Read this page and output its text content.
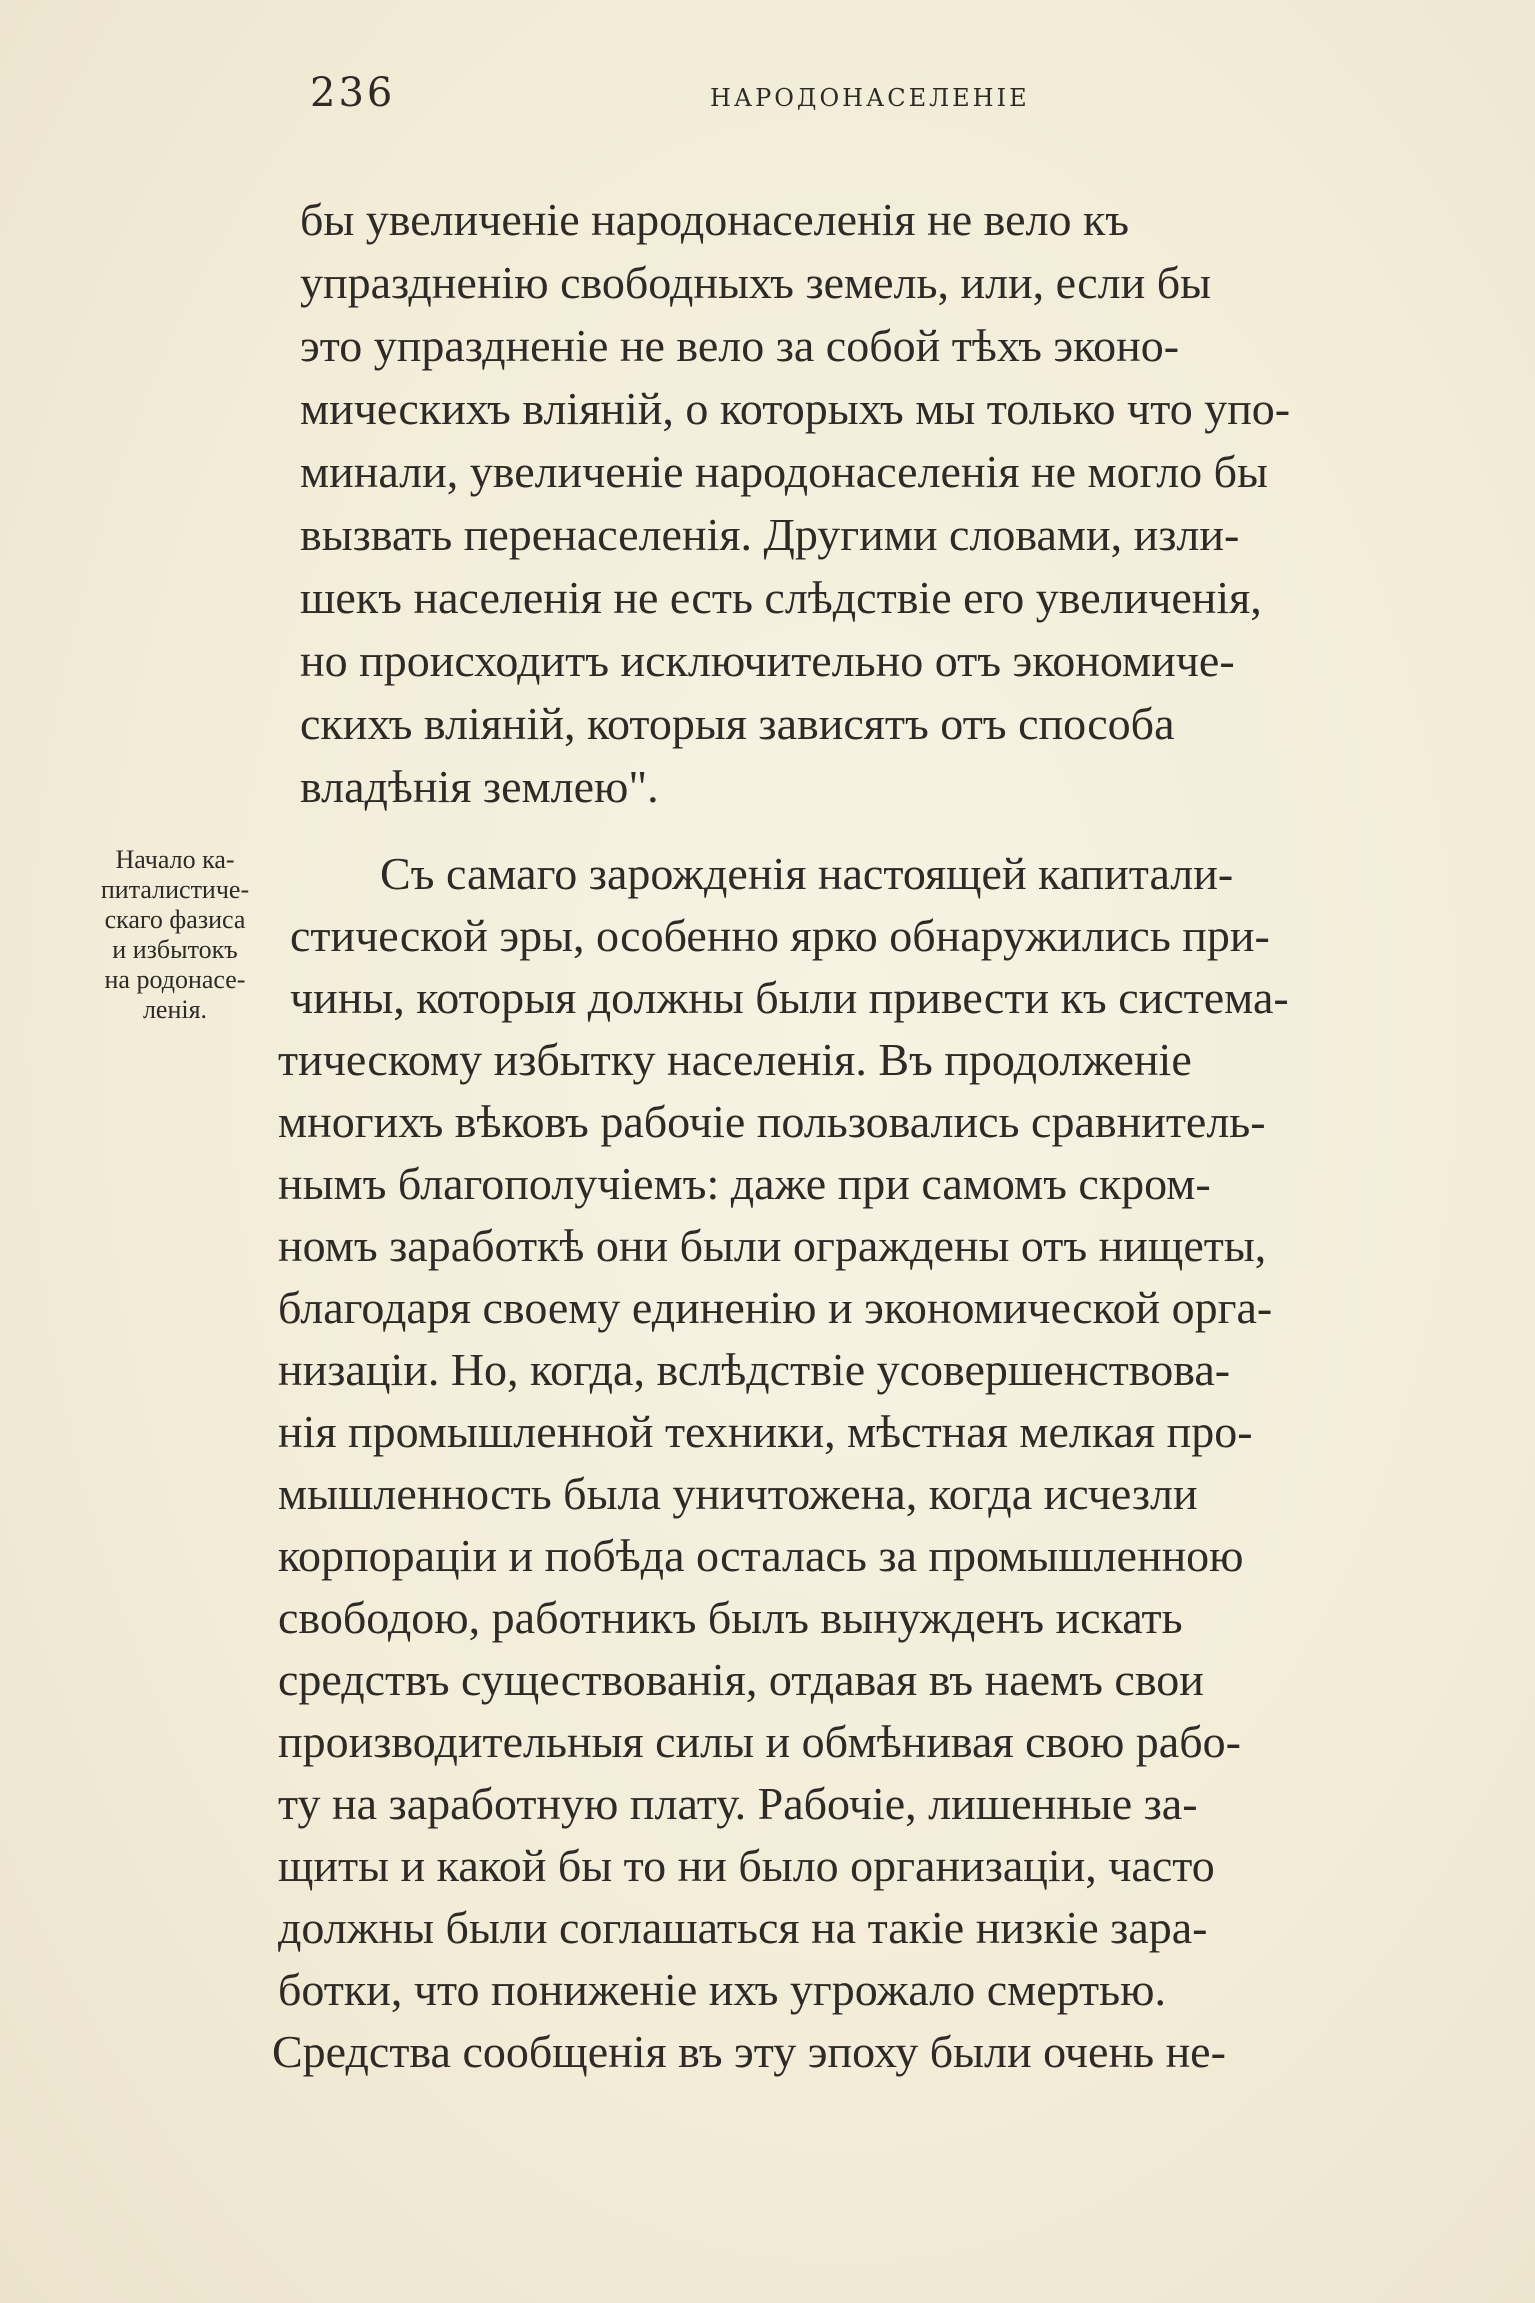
236	НАРОДОНАСЕЛЕНІЕ
Начало ка-
питалистиче-
скаго фазиса
и избытокъ
на родонасе-
ленія.
бы увеличеніе народонаселенія не вело къ
упраздненію свободныхъ земель, или, если бы
это упраздненіе не вело за собой тѣхъ эконо-
мическихъ вліяній, о которыхъ мы только что упо-
минали, увеличеніе народонаселенія не могло бы
вызвать перенаселенія. Другими словами, изли-
шекъ населенія не есть слѣдствіе его увеличенія,
но происходитъ исключительно отъ экономиче-
скихъ вліяній, которыя зависятъ отъ способа
владѣнія землею".
Съ самаго зарожденія настоящей капитали-
стической эры, особенно ярко обнаружились при-
чины, которыя должны были привести къ система-
тическому избытку населенія. Въ продолженіе
многихъ вѣковъ рабочіе пользовались сравнитель-
нымъ благополучіемъ: даже при самомъ скром-
номъ заработкѣ они были ограждены отъ нищеты,
благодаря своему единенію и экономической орга-
низаціи. Но, когда, вслѣдствіе усовершенствова-
нія промышленной техники, мѣстная мелкая про-
мышленность была уничтожена, когда исчезли
корпораціи и побѣда осталась за промышленною
свободою, работникъ былъ вынужденъ искать
средствъ существованія, отдавая въ наемъ свои
производительныя силы и обмѣнивая свою рабо-
ту на заработную плату. Рабочіе, лишенные за-
щиты и какой бы то ни было организаціи, часто
должны были соглашаться на такіе низкіе зара-
ботки, что пониженіе ихъ угрожало смертью.
Средства сообщенія въ эту эпоху были очень не-
